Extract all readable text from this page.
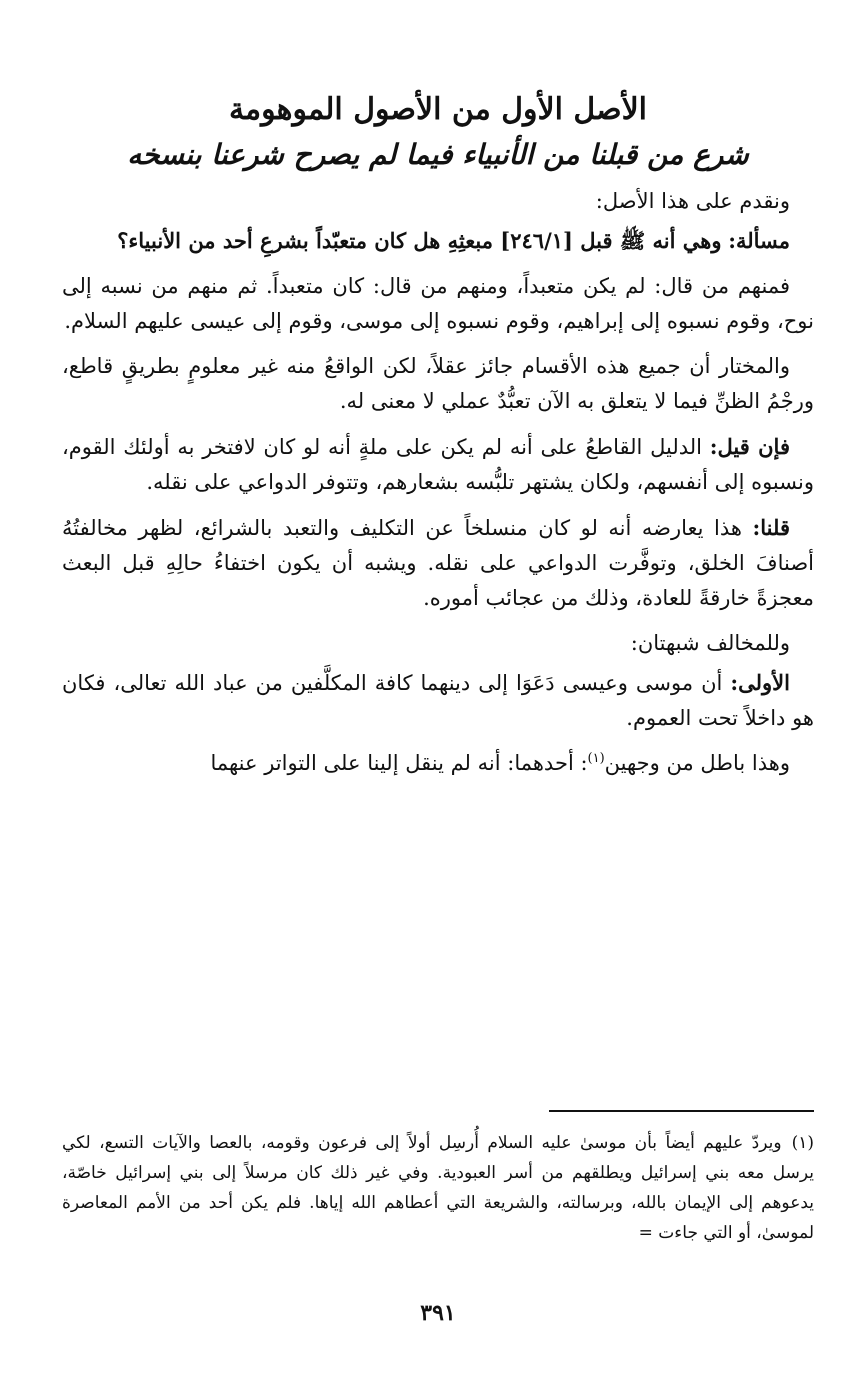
الأصل الأول من الأصول الموهومة
شرع من قبلنا من الأنبياء فيما لم يصرح شرعنا بنسخه

ونقدم على هذا الأصل:

مسألة: وهي أنه ﷺ قبل [٢٤٦/١] مبعثِهِ هل كان متعبّداً بشرعِ أحد من الأنبياء؟

فمنهم من قال: لم يكن متعبداً، ومنهم من قال: كان متعبداً. ثم منهم من نسبه إلى نوح، وقوم نسبوه إلى إبراهيم، وقوم نسبوه إلى موسى، وقوم إلى عيسى عليهم السلام.

والمختار أن جميع هذه الأقسام جائز عقلاً، لكن الواقعُ منه غير معلومٍ بطريقٍ قاطع، ورجْمُ الظنِّ فيما لا يتعلق به الآن تعبُّدٌ عملي لا معنى له.

فإن قيل: الدليل القاطعُ على أنه لم يكن على ملةٍ أنه لو كان لافتخر به أولئك القوم، ونسبوه إلى أنفسهم، ولكان يشتهر تلبُّسه بشعارهم، وتتوفر الدواعي على نقله.

قلنا: هذا يعارضه أنه لو كان منسلخاً عن التكليف والتعبد بالشرائع، لظهر مخالفتُهُ أصنافَ الخلق، وتوفَّرت الدواعي على نقله. ويشبه أن يكون اختفاءُ حالِهِ قبل البعث معجزةً خارقةً للعادة، وذلك من عجائب أموره.

وللمخالف شبهتان:

الأولى: أن موسى وعيسى دَعَوَا إلى دينهما كافة المكلَّفين من عباد الله تعالى، فكان هو داخلاً تحت العموم.

وهذا باطل من وجهين$^{(١)}$: أحدهما: أنه لم ينقل إلينا على التواتر عنهما

(١)ويردّ عليهم أيضاً بأن موسىٰ عليه السلام أُرسِل أولاً إلى فرعون وقومه، بالعصا والآيات التسع، لكي يرسل معه بني إسرائيل ويطلقهم من أسر العبودية. وفي غير ذلك كان مرسلاً إلى بني إسرائيل خاصّة، يدعوهم إلى الإيمان بالله، وبرسالته، والشريعة التي أعطاهم الله إياها. فلم يكن أحد من الأمم المعاصرة لموسىٰ، أو التي جاءت =

٣٩١
